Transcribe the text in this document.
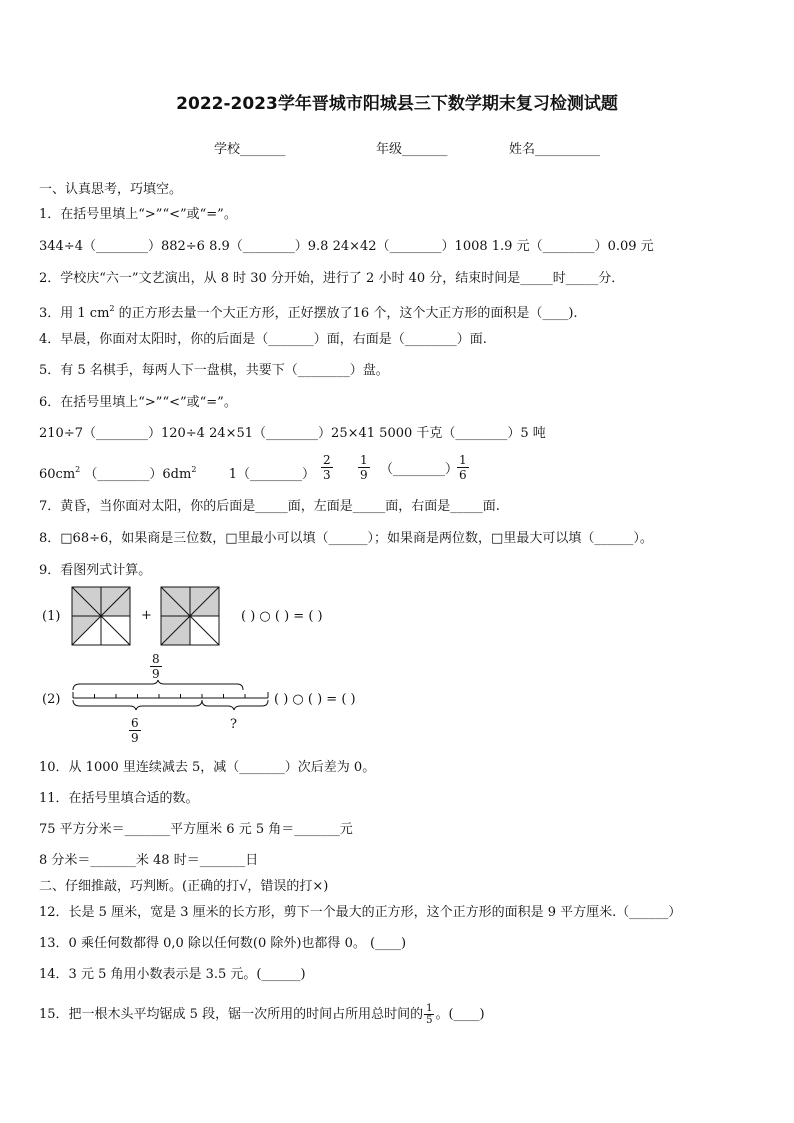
2022-2023学年晋城市阳城县三下数学期末复习检测试题
学校_______	年级_______	姓名__________
一、认真思考，巧填空。
1．在括号里填上“>”“<”或“=”。
344÷4（________）882÷6 8.9（________）9.8 24×42（________）1008 1.9 元（________）0.09 元
2．学校庆“六一”文艺演出，从 8 时 30 分开始，进行了 2 小时 40 分，结束时间是_____时_____分．
3．用 1 $cm^2$ 的正方形去量一个大正方形，正好摆放了16 个，这个大正方形的面积是（____).
4．早晨，你面对太阳时，你的后面是（_______）面，右面是（________）面.
5．有 5 名棋手，每两人下一盘棋，共要下（________）盘。
6．在括号里填上“>”“<”或“=”。
210÷7（________）120÷4 24×51（________）25×41 5000 千克（________）5 吨
$60cm^2$ $(\_\_\_\_\_\_\_\_)6dm^2$ 1（________） $\frac{2}{3} \frac{1}{9}$ （________）
$\frac{1}{6}$
7．黄昏，当你面对太阳，你的后面是_____面，左面是_____面，右面是_____面.
8．□68÷6，如果商是三位数，□里最小可以填（______）；如果商是两位数，□里最大可以填（______）。
9．看图列式计算。
(1)	+	( ) ○ ( ) = ( )
$\frac{8}{9}$
(2)
$\frac{6}{9}$	?
( ) ○ ( ) = ( )
10．从 1000 里连续减去 5，减（_______）次后差为 0。
11．在括号里填合适的数。
75 平方分米＝_______平方厘米 6 元 5 角＝_______元
8 分米＝_______米 48 时＝_______日
二、仔细推敲，巧判断。(正确的打√，错误的打×)
12．长是 5 厘米，宽是 3 厘米的长方形，剪下一个最大的正方形，这个正方形的面积是 9 平方厘米.（______）
13．0 乘任何数都得 0,0 除以任何数(0 除外)也都得 0。 (____)
14．3 元 5 角用小数表示是 3.5 元。(______)
15．把一根木头平均锯成 5 段，锯一次所用的时间占所用总时间的 $\frac{1}{5}$ 。(____)
